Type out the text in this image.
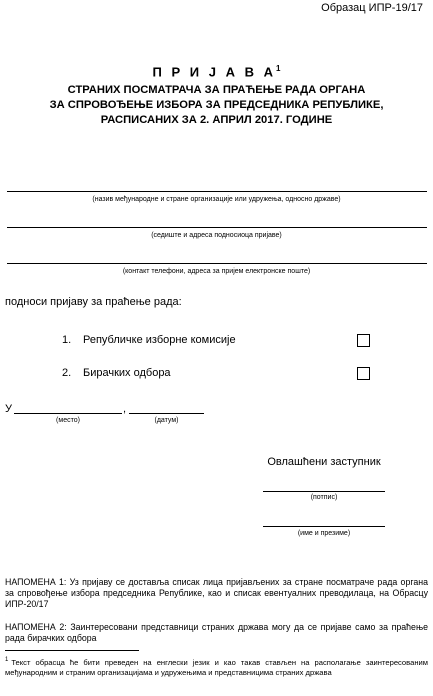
Образац ИПР-19/17
П Р И Ј А В $А^1$
СТРАНИХ ПОСМАТРАЧА ЗА ПРАЋЕЊЕ РАДА ОРГАНА
ЗА СПРОВОЂЕЊЕ ИЗБОРА ЗА ПРЕДСЕДНИКА РЕПУБЛИКЕ,
РАСПИСАНИХ ЗА 2. АПРИЛ 2017. ГОДИНЕ
(назив међународне и стране организације или удружења, односно државе)
(седиште и адреса подносиоца пријаве)
(контакт телефони, адреса за пријем електронске поште)
подноси пријаву за праћење рада:
1. Републичке изборне комисије
2. Бирачких одбора
У	,
(место)	(датум)
Овлашћени заступник
(потпис)
(име и презиме)
НАПОМЕНА 1: Уз пријаву се доставља списак лица пријављених за стране посматраче рада органа за спровођење избора председника Републике, као и списак евентуалних преводилаца, на Обрасцу ИПР-20/17
НАПОМЕНА 2: Заинтересовани представници страних држава могу да се пријаве само за праћење рада бирачких одбора
$^1$ Текст обрасца ће бити преведен на енглески језик и као такав стављен на располагање заинтересованим међународним и страним организацијама и удружењима и представницима страних држава
